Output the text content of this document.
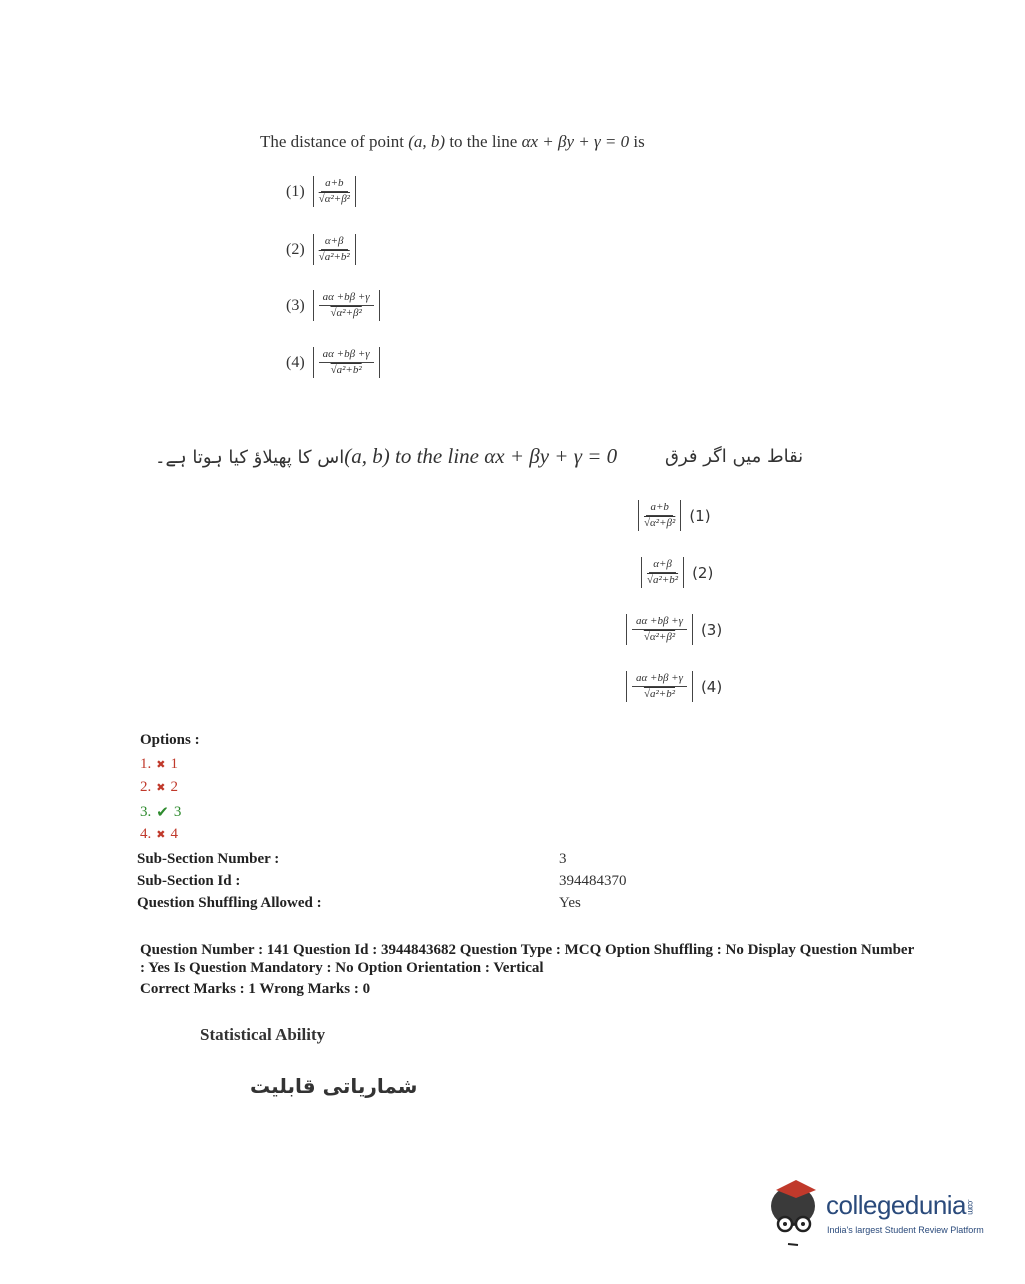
The distance of point (a, b) to the line αx + βy + γ = 0 is
(1)	a+b
√α²+β²
(2)	α+β
√a²+b²
(3)	aα +bβ +γ
√α²+β²
(4)	aα +bβ +γ
√a²+b²
اس کا پھیلاؤ کیا ہوتا ہے۔(a, b) to the line αx + βy + γ = 0	نقاط میں اگر فرق
a+b
√α²+β² (1)
α+β
√a²+b² (2)
aα +bβ +γ
√α²+β² (3)
aα +bβ +γ
√a²+b² (4)
Options :
1. ✖ 1
2. ✖ 2
3. ✔ 3
4. ✖ 4
Sub-Section Number :	3
Sub-Section Id :	394484370
Question Shuffling Allowed :	Yes
Question Number : 141 Question Id : 3944843682 Question Type : MCQ Option Shuffling : No Display Question Number : Yes Is Question Mandatory : No Option Orientation : Vertical
Correct Marks : 1 Wrong Marks : 0
Statistical Ability
شماریاتی قابلیت
collegedunia.com
India's largest Student Review Platform
